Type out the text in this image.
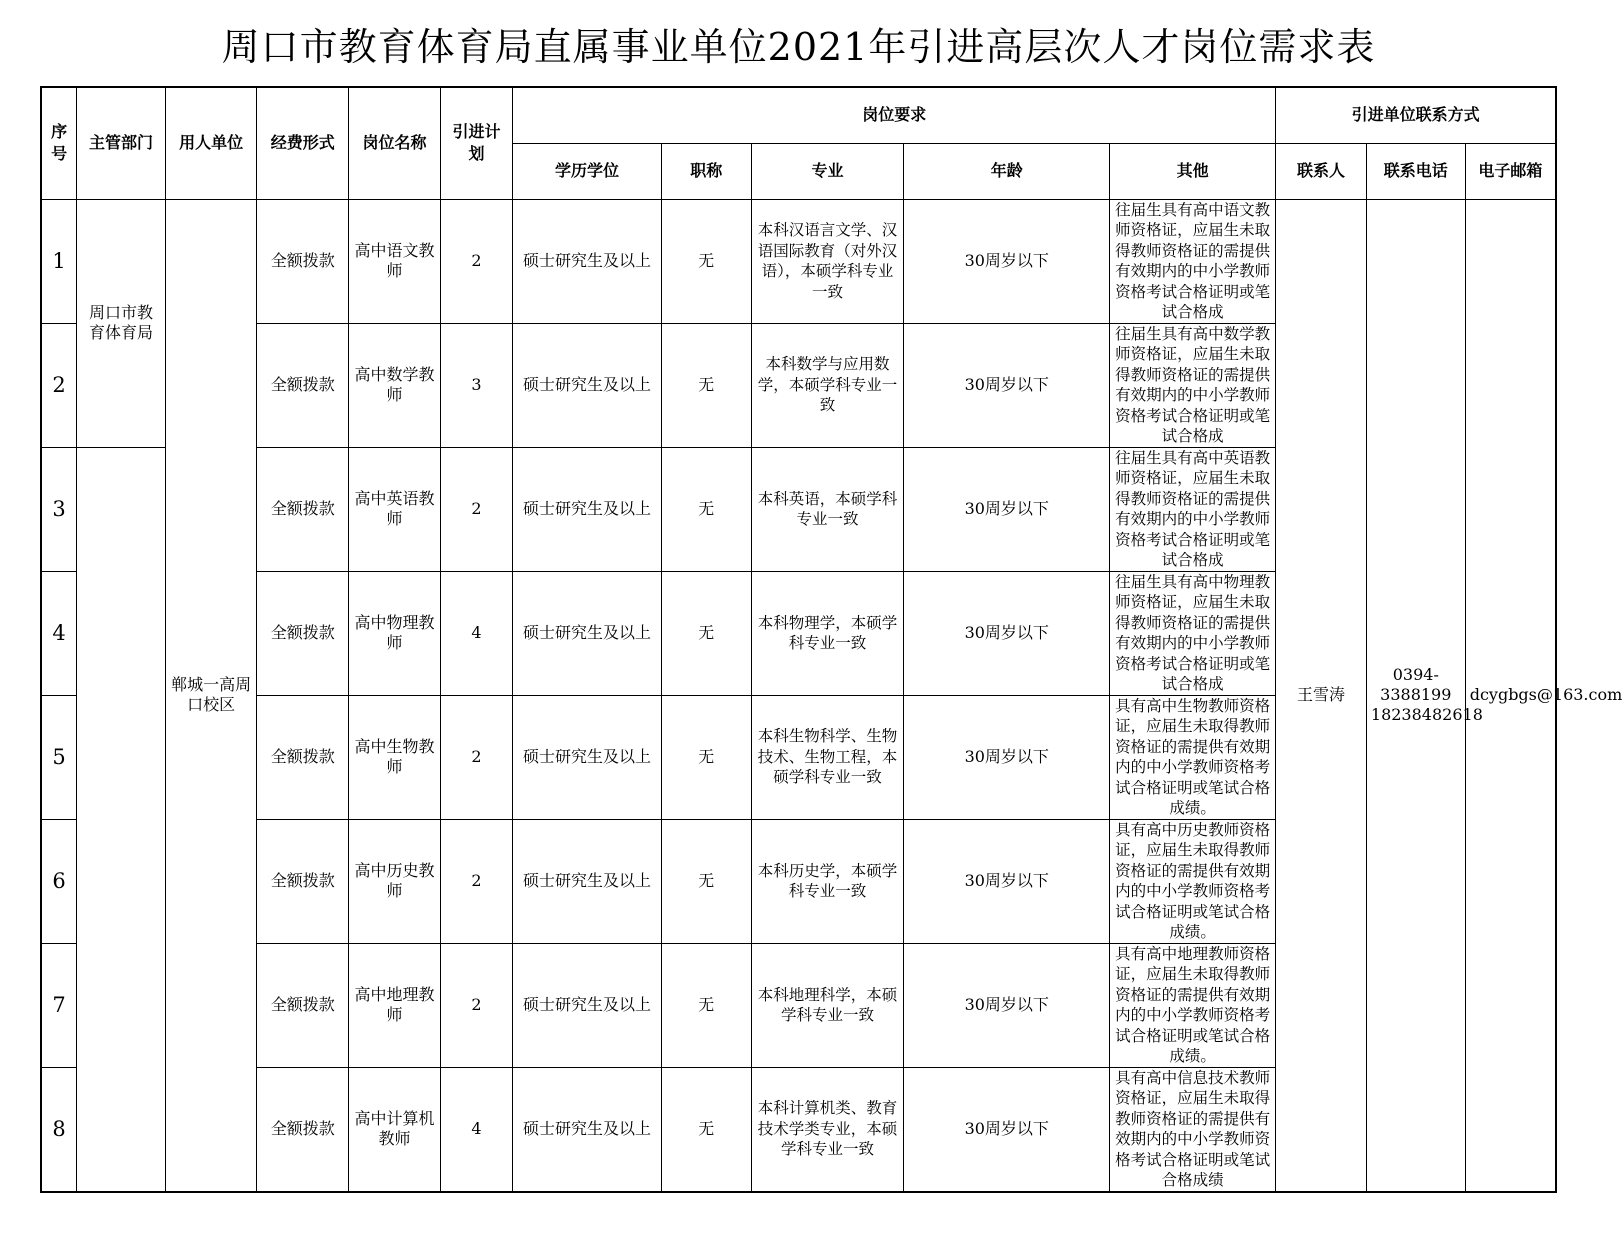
周口市教育体育局直属事业单位2021年引进高层次人才岗位需求表
序号	主管部门	用人单位	经费形式	岗位名称	引进计划	岗位要求					引进单位联系方式		
						学历学位	职称	专业	年龄	其他	联系人	联系电话	电子邮箱
1	周口市教育体育局	郸城一高周口校区	全额拨款	高中语文教师	2	硕士研究生及以上	无	本科汉语言文学、汉语国际教育（对外汉语），本硕学科专业一致	30周岁以下	往届生具有高中语文教师资格证，应届生未取得教师资格证的需提供有效期内的中小学教师资格考试合格证明或笔试合格成	王雪涛	0394-3388199 18238482618	dcygbgs@163.com
2			全额拨款	高中数学教师	3	硕士研究生及以上	无	本科数学与应用数学，本硕学科专业一致	30周岁以下	往届生具有高中数学教师资格证，应届生未取得教师资格证的需提供有效期内的中小学教师资格考试合格证明或笔试合格成			
3			全额拨款	高中英语教师	2	硕士研究生及以上	无	本科英语，本硕学科专业一致	30周岁以下	往届生具有高中英语教师资格证，应届生未取得教师资格证的需提供有效期内的中小学教师资格考试合格证明或笔试合格成			
4			全额拨款	高中物理教师	4	硕士研究生及以上	无	本科物理学，本硕学科专业一致	30周岁以下	往届生具有高中物理教师资格证，应届生未取得教师资格证的需提供有效期内的中小学教师资格考试合格证明或笔试合格成			
5			全额拨款	高中生物教师	2	硕士研究生及以上	无	本科生物科学、生物技术、生物工程，本硕学科专业一致	30周岁以下	具有高中生物教师资格证，应届生未取得教师资格证的需提供有效期内的中小学教师资格考试合格证明或笔试合格成绩。			
6			全额拨款	高中历史教师	2	硕士研究生及以上	无	本科历史学，本硕学科专业一致	30周岁以下	具有高中历史教师资格证，应届生未取得教师资格证的需提供有效期内的中小学教师资格考试合格证明或笔试合格成绩。			
7			全额拨款	高中地理教师	2	硕士研究生及以上	无	本科地理科学，本硕学科专业一致	30周岁以下	具有高中地理教师资格证，应届生未取得教师资格证的需提供有效期内的中小学教师资格考试合格证明或笔试合格成绩。			
8			全额拨款	高中计算机教师	4	硕士研究生及以上	无	本科计算机类、教育技术学类专业，本硕学科专业一致	30周岁以下	具有高中信息技术教师资格证，应届生未取得教师资格证的需提供有效期内的中小学教师资格考试合格证明或笔试合格成绩			
